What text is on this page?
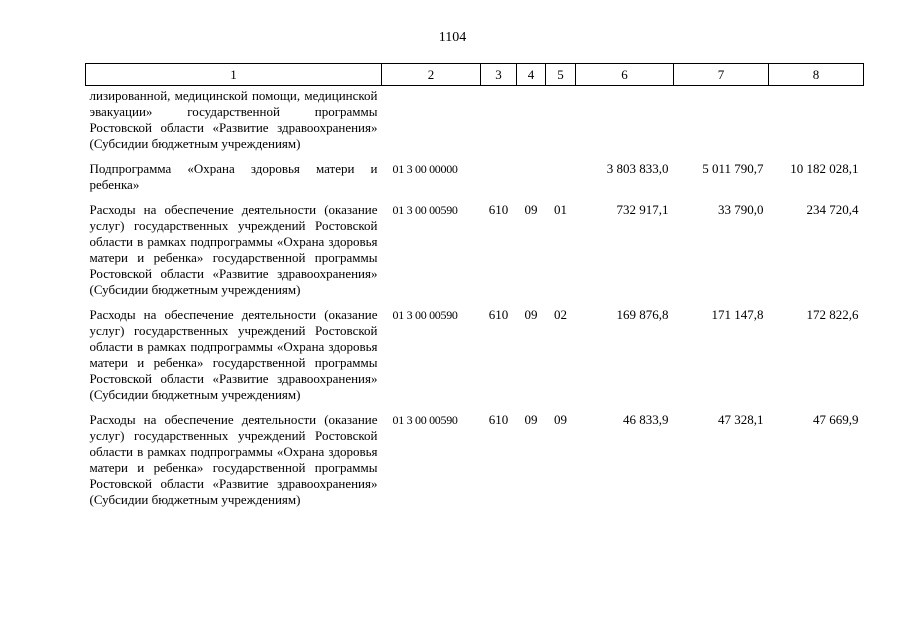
1104
1	2	3	4	5	6	7	8
лизированной, медицинской помощи, медицинской эвакуации» государственной программы Ростовской области «Развитие здравоохранения» (Субсидии бюджетным учреждениям)							
Подпрограмма «Охрана здоровья матери и ребенка»	01 3 00 00000				3 803 833,0	5 011 790,7	10 182 028,1
Расходы на обеспечение деятельности (оказание услуг) государственных учреждений Ростовской области в рамках подпрограммы «Охрана здоровья матери и ребенка» государственной программы Ростовской области «Развитие здравоохранения» (Субсидии бюджетным учреждениям)	01 3 00 00590	610	09	01	732 917,1	33 790,0	234 720,4
Расходы на обеспечение деятельности (оказание услуг) государственных учреждений Ростовской области в рамках подпрограммы «Охрана здоровья матери и ребенка» государственной программы Ростовской области «Развитие здравоохранения» (Субсидии бюджетным учреждениям)	01 3 00 00590	610	09	02	169 876,8	171 147,8	172 822,6
Расходы на обеспечение деятельности (оказание услуг) государственных учреждений Ростовской области в рамках подпрограммы «Охрана здоровья матери и ребенка» государственной программы Ростовской области «Развитие здравоохранения» (Субсидии бюджетным учреждениям)	01 3 00 00590	610	09	09	46 833,9	47 328,1	47 669,9
